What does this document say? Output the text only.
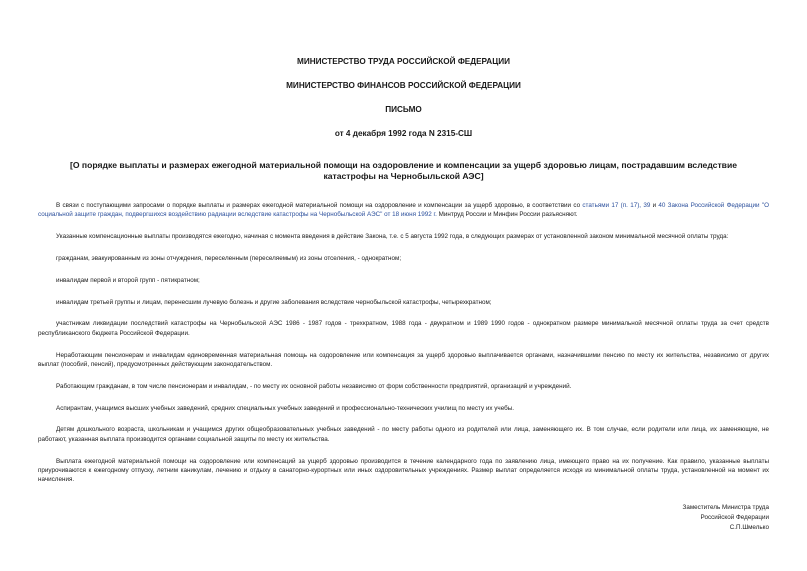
МИНИСТЕРСТВО ТРУДА РОССИЙСКОЙ ФЕДЕРАЦИИ
МИНИСТЕРСТВО ФИНАНСОВ РОССИЙСКОЙ ФЕДЕРАЦИИ
ПИСЬМО
от 4 декабря 1992 года N 2315-СШ
[О порядке выплаты и размерах ежегодной материальной помощи на оздоровление и компенсации за ущерб здоровью лицам, пострадавшим вследствие катастрофы на Чернобыльской АЭС]

В связи с поступающими запросами о порядке выплаты и размерах ежегодной материальной помощи на оздоровление и компенсации за ущерб здоровью, в соответствии со статьями 17 (п. 17), 39 и 40 Закона Российской Федерации "О социальной защите граждан, подвергшихся воздействию радиации вследствие катастрофы на Чернобыльской АЭС" от 18 июня 1992 г. Минтруд России и Минфин России разъясняют.

Указанные компенсационные выплаты производятся ежегодно, начиная с момента введения в действие Закона, т.е. с 5 августа 1992 года, в следующих размерах от установленной законом минимальной месячной оплаты труда:

гражданам, эвакуированным из зоны отчуждения, переселенным (переселяемым) из зоны отселения, - однократном;

инвалидам первой и второй групп - пятикратном;

инвалидам третьей группы и лицам, перенесшим лучевую болезнь и другие заболевания вследствие чернобыльской катастрофы, четырехкратном;

участникам ликвидации последствий катастрофы на Чернобыльской АЭС 1986 - 1987 годов - трехкратном, 1988 года - двукратном и 1989 1990 годов - однократном размере минимальной месячной оплаты труда за счет средств республиканского бюджета Российской Федерации.

Неработающим пенсионерам и инвалидам единовременная материальная помощь на оздоровление или компенсация за ущерб здоровью выплачивается органами, назначившими пенсию по месту их жительства, независимо от других выплат (пособий, пенсий), предусмотренных действующим законодательством.

Работающим гражданам, в том числе пенсионерам и инвалидам, - по месту их основной работы независимо от форм собственности предприятий, организаций и учреждений.

Аспирантам, учащимся высших учебных заведений, средних специальных учебных заведений и профессионально-технических училищ по месту их учебы.

Детям дошкольного возраста, школьникам и учащимся других общеобразовательных учебных заведений - по месту работы одного из родителей или лица, заменяющего их. В том случае, если родители или лица, их заменяющие, не работают, указанная выплата производится органами социальной защиты по месту их жительства.

Выплата ежегодной материальной помощи на оздоровление или компенсаций за ущерб здоровью производится в течение календарного года по заявлению лица, имеющего право на их получение. Как правило, указанные выплаты приурочиваются к ежегодному отпуску, летним каникулам, лечению и отдыху в санаторно-курортных или иных оздоровительных учреждениях. Размер выплат определяется исходя из минимальной оплаты труда, установленной на момент их начисления.

Заместитель Министра труда
Российской Федерации
С.П.Шмелько
